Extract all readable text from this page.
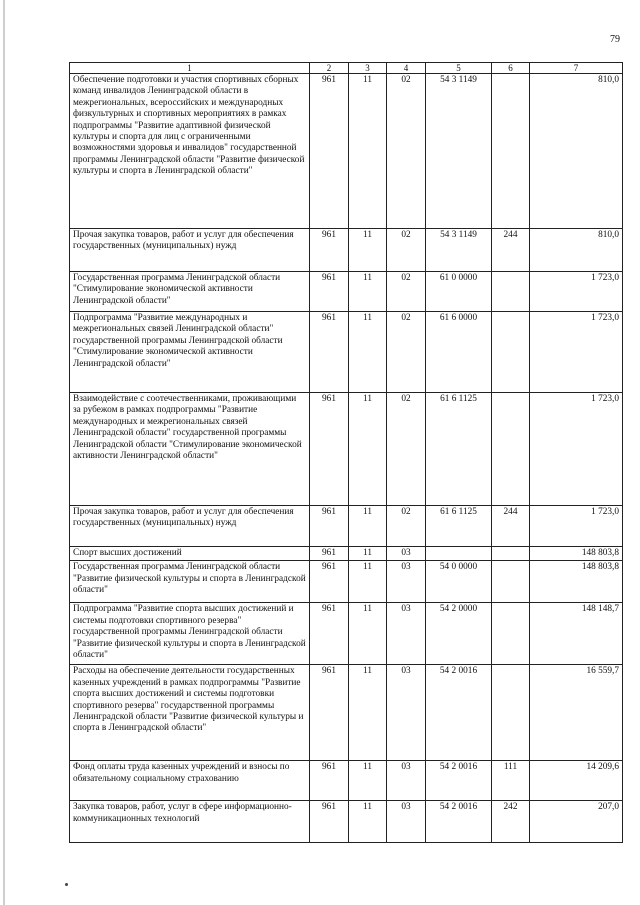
79
1	2	3	4	5	6	7
Обеспечение подготовки и участия спортивных сборных команд инвалидов Ленинградской области в межрегиональных, всероссийских и международных физкультурных и спортивных мероприятиях в рамках подпрограммы "Развитие адаптивной физической культуры и спорта для лиц с ограниченными возможностями здоровья и инвалидов" государственной программы Ленинградской области "Развитие физической культуры и спорта в Ленинградской области"	961	11	02	54 3 1149		810,0
Прочая закупка товаров, работ и услуг для обеспечения государственных (муниципальных) нужд	961	11	02	54 3 1149	244	810,0
Государственная программа Ленинградской области "Стимулирование экономической активности Ленинградской области"	961	11	02	61 0 0000		1 723,0
Подпрограмма "Развитие международных и межрегиональных связей Ленинградской области" государственной программы Ленинградской области "Стимулирование экономической активности Ленинградской области"	961	11	02	61 6 0000		1 723,0
Взаимодействие с соотечественниками, проживающими за рубежом в рамках подпрограммы "Развитие международных и межрегиональных связей Ленинградской области" государственной программы Ленинградской области "Стимулирование экономической активности Ленинградской области"	961	11	02	61 6 1125		1 723,0
Прочая закупка товаров, работ и услуг для обеспечения государственных (муниципальных) нужд	961	11	02	61 6 1125	244	1 723,0
Спорт высших достижений	961	11	03			148 803,8
Государственная программа Ленинградской области "Развитие физической культуры и спорта в Ленинградской области"	961	11	03	54 0 0000		148 803,8
Подпрограмма "Развитие спорта высших достижений и системы подготовки спортивного резерва" государственной программы Ленинградской области "Развитие физической культуры и спорта в Ленинградской области"	961	11	03	54 2 0000		148 148,7
Расходы на обеспечение деятельности государственных казенных учреждений в рамках подпрограммы "Развитие спорта высших достижений и системы подготовки спортивного резерва" государственной программы Ленинградской области "Развитие физической культуры и спорта в Ленинградской области"	961	11	03	54 2 0016		16 559,7
Фонд оплаты труда казенных учреждений и взносы по обязательному социальному страхованию	961	11	03	54 2 0016	111	14 209,6
Закупка товаров, работ, услуг в сфере информационно-коммуникационных технологий	961	11	03	54 2 0016	242	207,0
